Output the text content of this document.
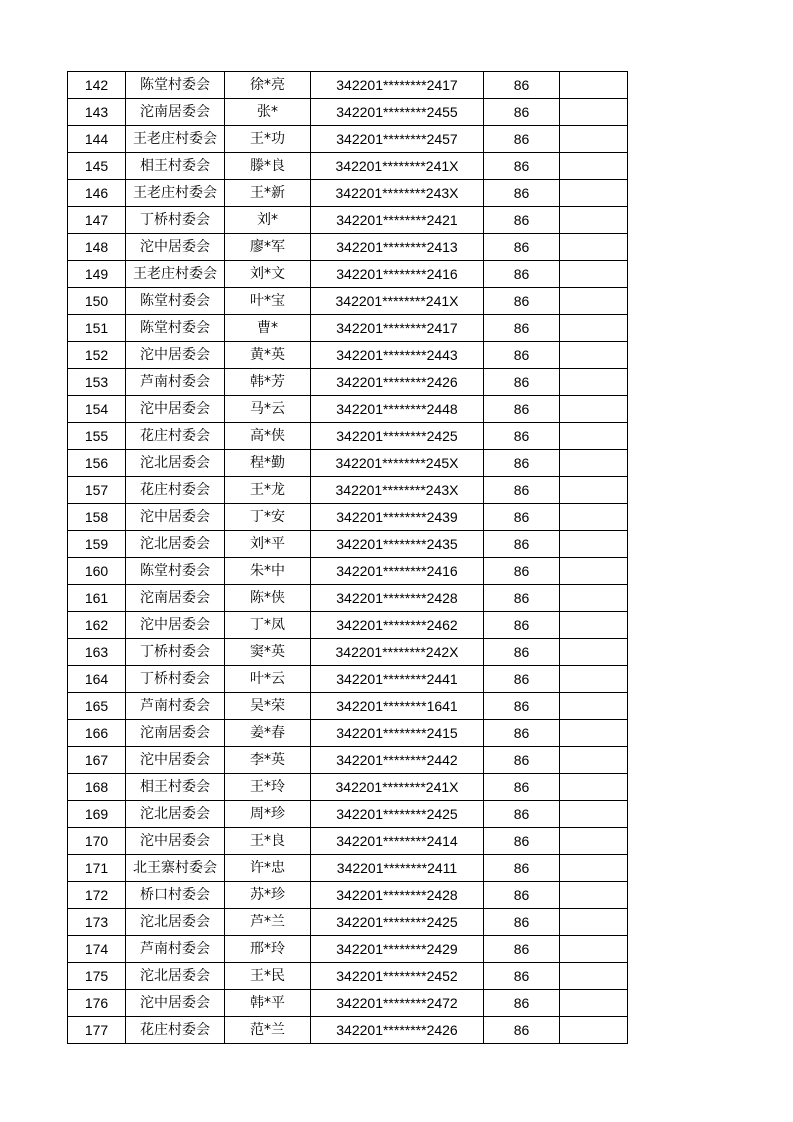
142	陈堂村委会	徐*亮	342201********2417	86	
143	沱南居委会	张*	342201********2455	86	
144	王老庄村委会	王*功	342201********2457	86	
145	相王村委会	滕*良	342201********241X	86	
146	王老庄村委会	王*新	342201********243X	86	
147	丁桥村委会	刘*	342201********2421	86	
148	沱中居委会	廖*军	342201********2413	86	
149	王老庄村委会	刘*文	342201********2416	86	
150	陈堂村委会	叶*宝	342201********241X	86	
151	陈堂村委会	曹*	342201********2417	86	
152	沱中居委会	黄*英	342201********2443	86	
153	芦南村委会	韩*芳	342201********2426	86	
154	沱中居委会	马*云	342201********2448	86	
155	花庄村委会	高*侠	342201********2425	86	
156	沱北居委会	程*勤	342201********245X	86	
157	花庄村委会	王*龙	342201********243X	86	
158	沱中居委会	丁*安	342201********2439	86	
159	沱北居委会	刘*平	342201********2435	86	
160	陈堂村委会	朱*中	342201********2416	86	
161	沱南居委会	陈*侠	342201********2428	86	
162	沱中居委会	丁*凤	342201********2462	86	
163	丁桥村委会	窦*英	342201********242X	86	
164	丁桥村委会	叶*云	342201********2441	86	
165	芦南村委会	吴*荣	342201********1641	86	
166	沱南居委会	姜*春	342201********2415	86	
167	沱中居委会	李*英	342201********2442	86	
168	相王村委会	王*玲	342201********241X	86	
169	沱北居委会	周*珍	342201********2425	86	
170	沱中居委会	王*良	342201********2414	86	
171	北王寨村委会	许*忠	342201********2411	86	
172	桥口村委会	苏*珍	342201********2428	86	
173	沱北居委会	芦*兰	342201********2425	86	
174	芦南村委会	邢*玲	342201********2429	86	
175	沱北居委会	王*民	342201********2452	86	
176	沱中居委会	韩*平	342201********2472	86	
177	花庄村委会	范*兰	342201********2426	86	
